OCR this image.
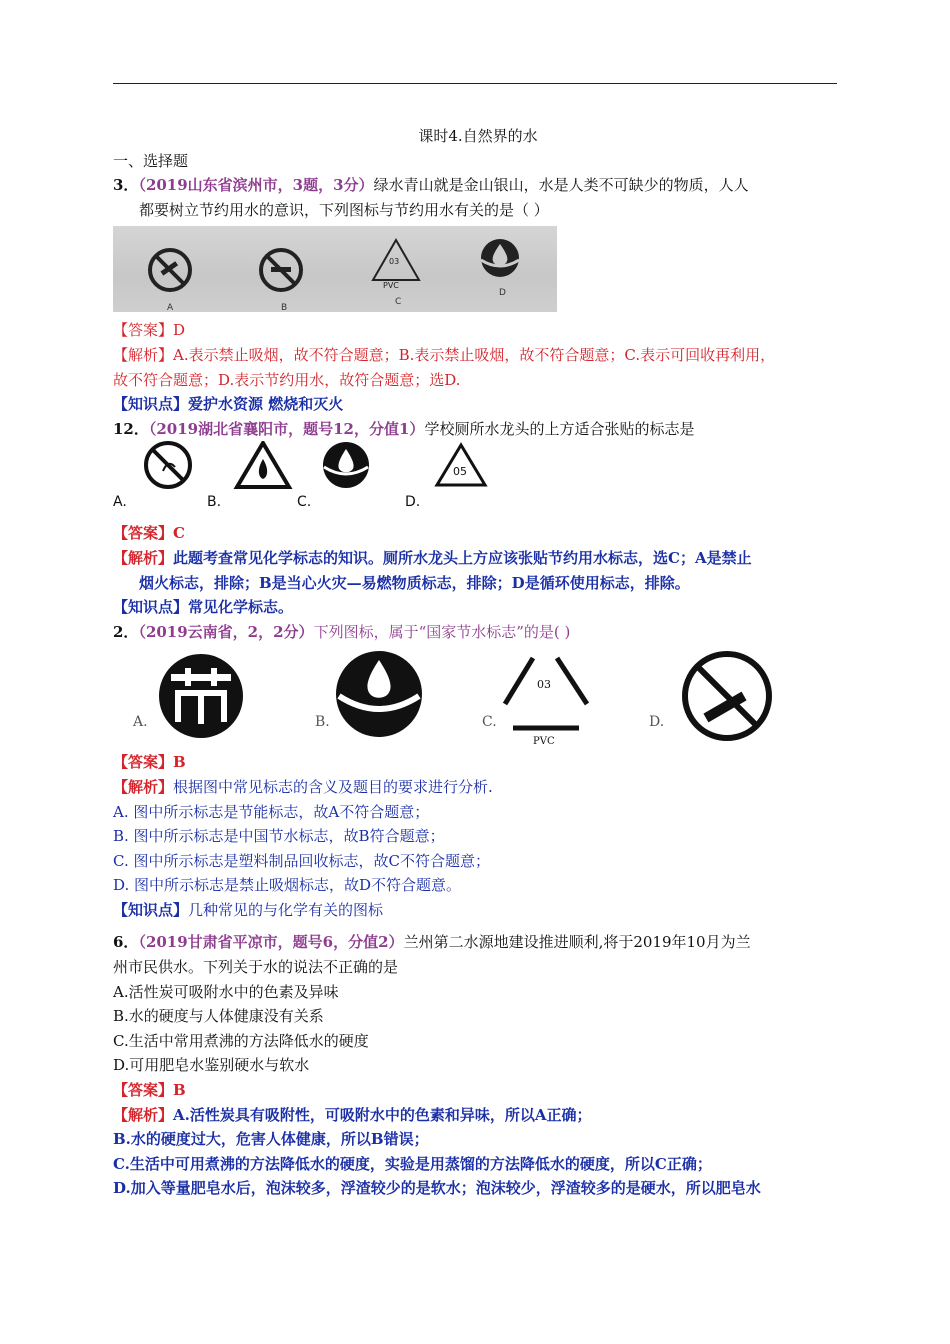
课时4.自然界的水

一、选择题

3．（2019山东省滨州市，3题，3分）绿水青山就是金山银山，水是人类不可缺少的物质，人人

都要树立节约用水的意识，下列图标与节约用水有关的是（ ）

03
PVC
A	B
C
D

【答案】D

【解析】A.表示禁止吸烟，故不符合题意；B.表示禁止吸烟，故不符合题意；C.表示可回收再利用，

故不符合题意；D.表示节约用水，故符合题意；选D.

【知识点】爱护水资源 燃烧和灭火

12．（2019湖北省襄阳市，题号12，分值1）学校厕所水龙头的上方适合张贴的标志是

05
A.	B.	C.	D.

【答案】C

【解析】此题考查常见化学标志的知识。厕所水龙头上方应该张贴节约用水标志，选C；A是禁止

烟火标志，排除；B是当心火灾—易燃物质标志，排除；D是循环使用标志，排除。

【知识点】常见化学标志。

2．（2019云南省，2，2分）下列图标，属于“国家节水标志”的是( )

03
PVC
A.	B.	C.	D.

【答案】B

【解析】根据图中常见标志的含义及题目的要求进行分析.

A. 图中所示标志是节能标志，故A不符合题意；

B. 图中所示标志是中国节水标志，故B符合题意；

C. 图中所示标志是塑料制品回收标志，故C不符合题意；

D. 图中所示标志是禁止吸烟标志，故D不符合题意。

【知识点】几种常见的与化学有关的图标

6．（2019甘肃省平凉市，题号6，分值2）兰州第二水源地建设推进顺利,将于2019年10月为兰

州市民供水。下列关于水的说法不正确的是

A.活性炭可吸附水中的色素及异味

B.水的硬度与人体健康没有关系

C.生活中常用煮沸的方法降低水的硬度

D.可用肥皂水鉴别硬水与软水

【答案】B

【解析】A.活性炭具有吸附性，可吸附水中的色素和异味，所以A正确；

B.水的硬度过大，危害人体健康，所以B错误；

C.生活中可用煮沸的方法降低水的硬度，实验是用蒸馏的方法降低水的硬度，所以C正确；

D.加入等量肥皂水后，泡沫较多，浮渣较少的是软水；泡沫较少，浮渣较多的是硬水，所以肥皂水
